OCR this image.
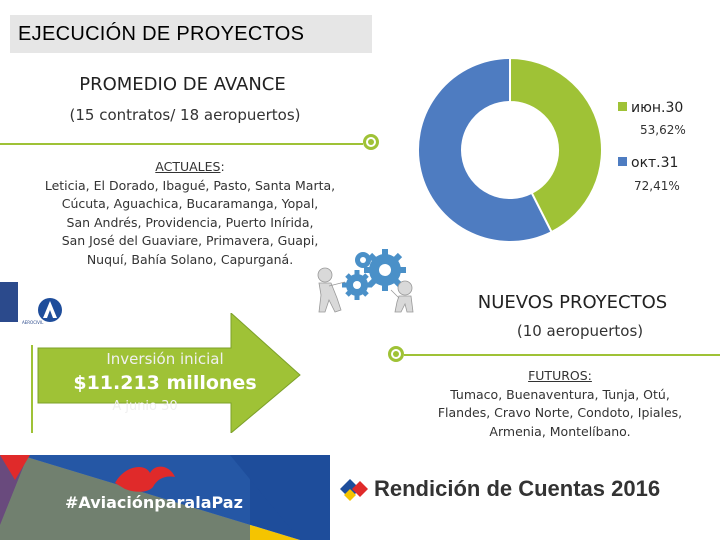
EJECUCIÓN DE PROYECTOS
PROMEDIO DE AVANCE
(15 contratos/ 18 aeropuertos)
ACTUALES:
Leticia, El Dorado, Ibagué, Pasto, Santa Marta,
Cúcuta, Aguachica, Bucaramanga, Yopal,
San Andrés, Providencia, Puerto Inírida,
San José del Guaviare, Primavera, Guapi,
Nuquí, Bahía Solano, Capurganá.
июн.30
53,62%
окт.31
72,41%
AEROCIVIL
Inversión inicial
$11.213 millones
A junio 30
NUEVOS PROYECTOS
(10 aeropuertos)
FUTUROS:
Tumaco, Buenaventura, Tunja, Otú,
Flandes, Cravo Norte, Condoto, Ipiales,
Armenia, Montelíbano.
#AviaciónparalaPaz
Rendición de Cuentas 2016
